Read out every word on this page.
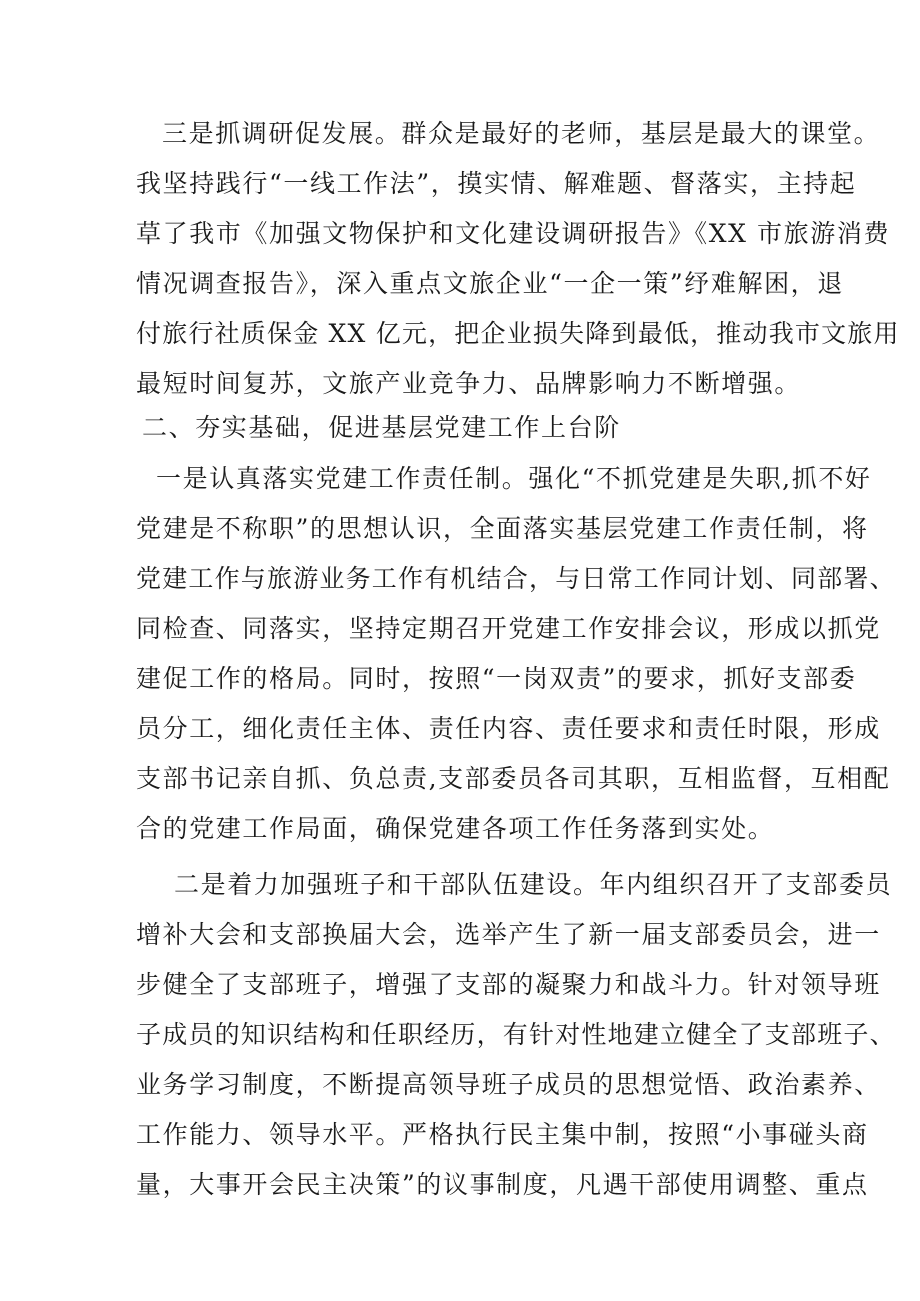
三是抓调研促发展。群众是最好的老师，基层是最大的课堂。
我坚持践行“一线工作法”，摸实情、解难题、督落实，主持起
草了我市《加强文物保护和文化建设调研报告》《XX 市旅游消费
情况调查报告》，深入重点文旅企业“一企一策”纾难解困，退
付旅行社质保金 XX 亿元，把企业损失降到最低，推动我市文旅用
最短时间复苏，文旅产业竞争力、品牌影响力不断增强。
二、夯实基础，促进基层党建工作上台阶
一是认真落实党建工作责任制。强化“不抓党建是失职,抓不好
党建是不称职”的思想认识，全面落实基层党建工作责任制，将
党建工作与旅游业务工作有机结合，与日常工作同计划、同部署、
同检查、同落实，坚持定期召开党建工作安排会议，形成以抓党
建促工作的格局。同时，按照“一岗双责”的要求，抓好支部委
员分工，细化责任主体、责任内容、责任要求和责任时限，形成
支部书记亲自抓、负总责,支部委员各司其职，互相监督，互相配
合的党建工作局面，确保党建各项工作任务落到实处。
二是着力加强班子和干部队伍建设。年内组织召开了支部委员
增补大会和支部换届大会，选举产生了新一届支部委员会，进一
步健全了支部班子，增强了支部的凝聚力和战斗力。针对领导班
子成员的知识结构和任职经历，有针对性地建立健全了支部班子、
业务学习制度，不断提高领导班子成员的思想觉悟、政治素养、
工作能力、领导水平。严格执行民主集中制，按照“小事碰头商
量，大事开会民主决策”的议事制度，凡遇干部使用调整、重点
